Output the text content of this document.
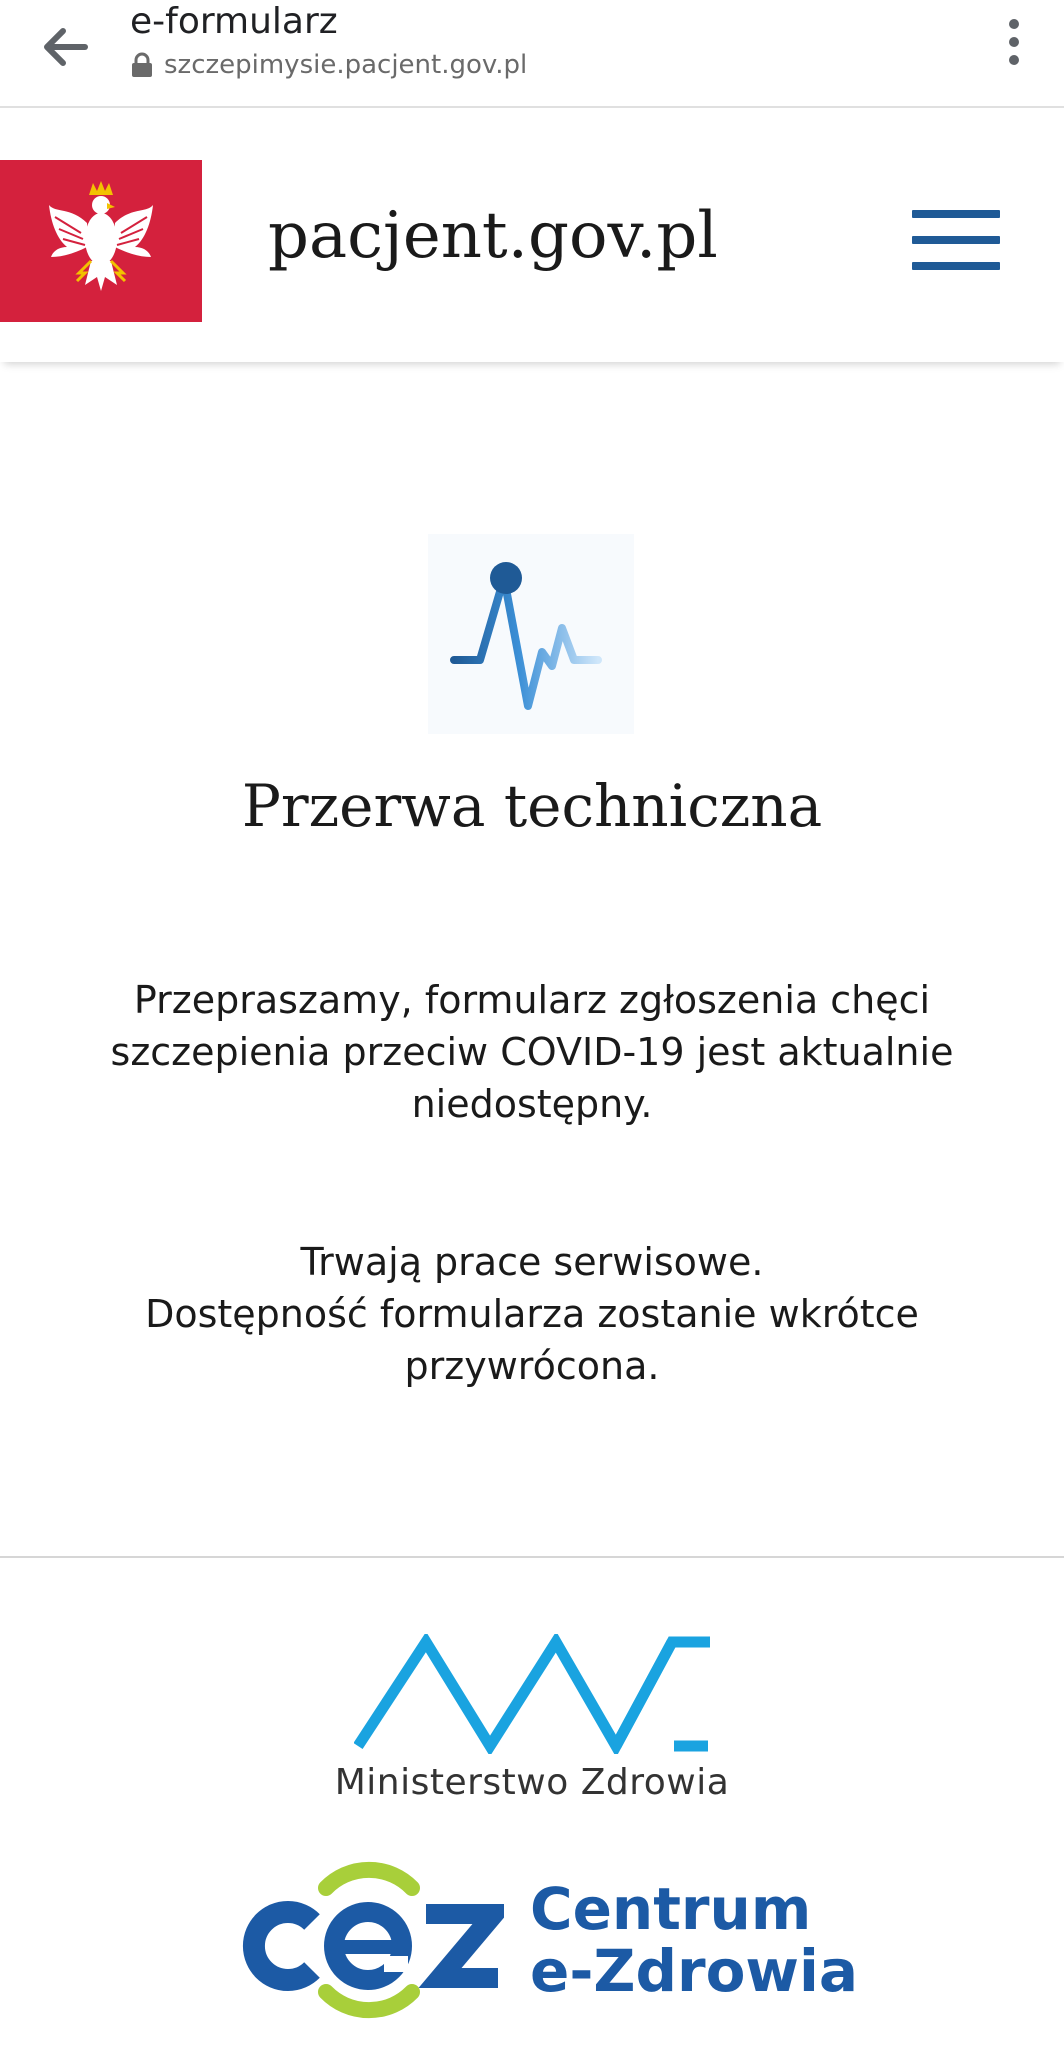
e-formularz
szczepimysie.pacjent.gov.pl
pacjent.gov.pl
Przerwa techniczna

Przepraszamy, formularz zgłoszenia chęci

szczepienia przeciw COVID-19 jest aktualnie

niedostępny.

Trwają prace serwisowe.

Dostępność formularza zostanie wkrótce

przywrócona.

Ministerstwo Zdrowia
Centrum
e-Zdrowia
